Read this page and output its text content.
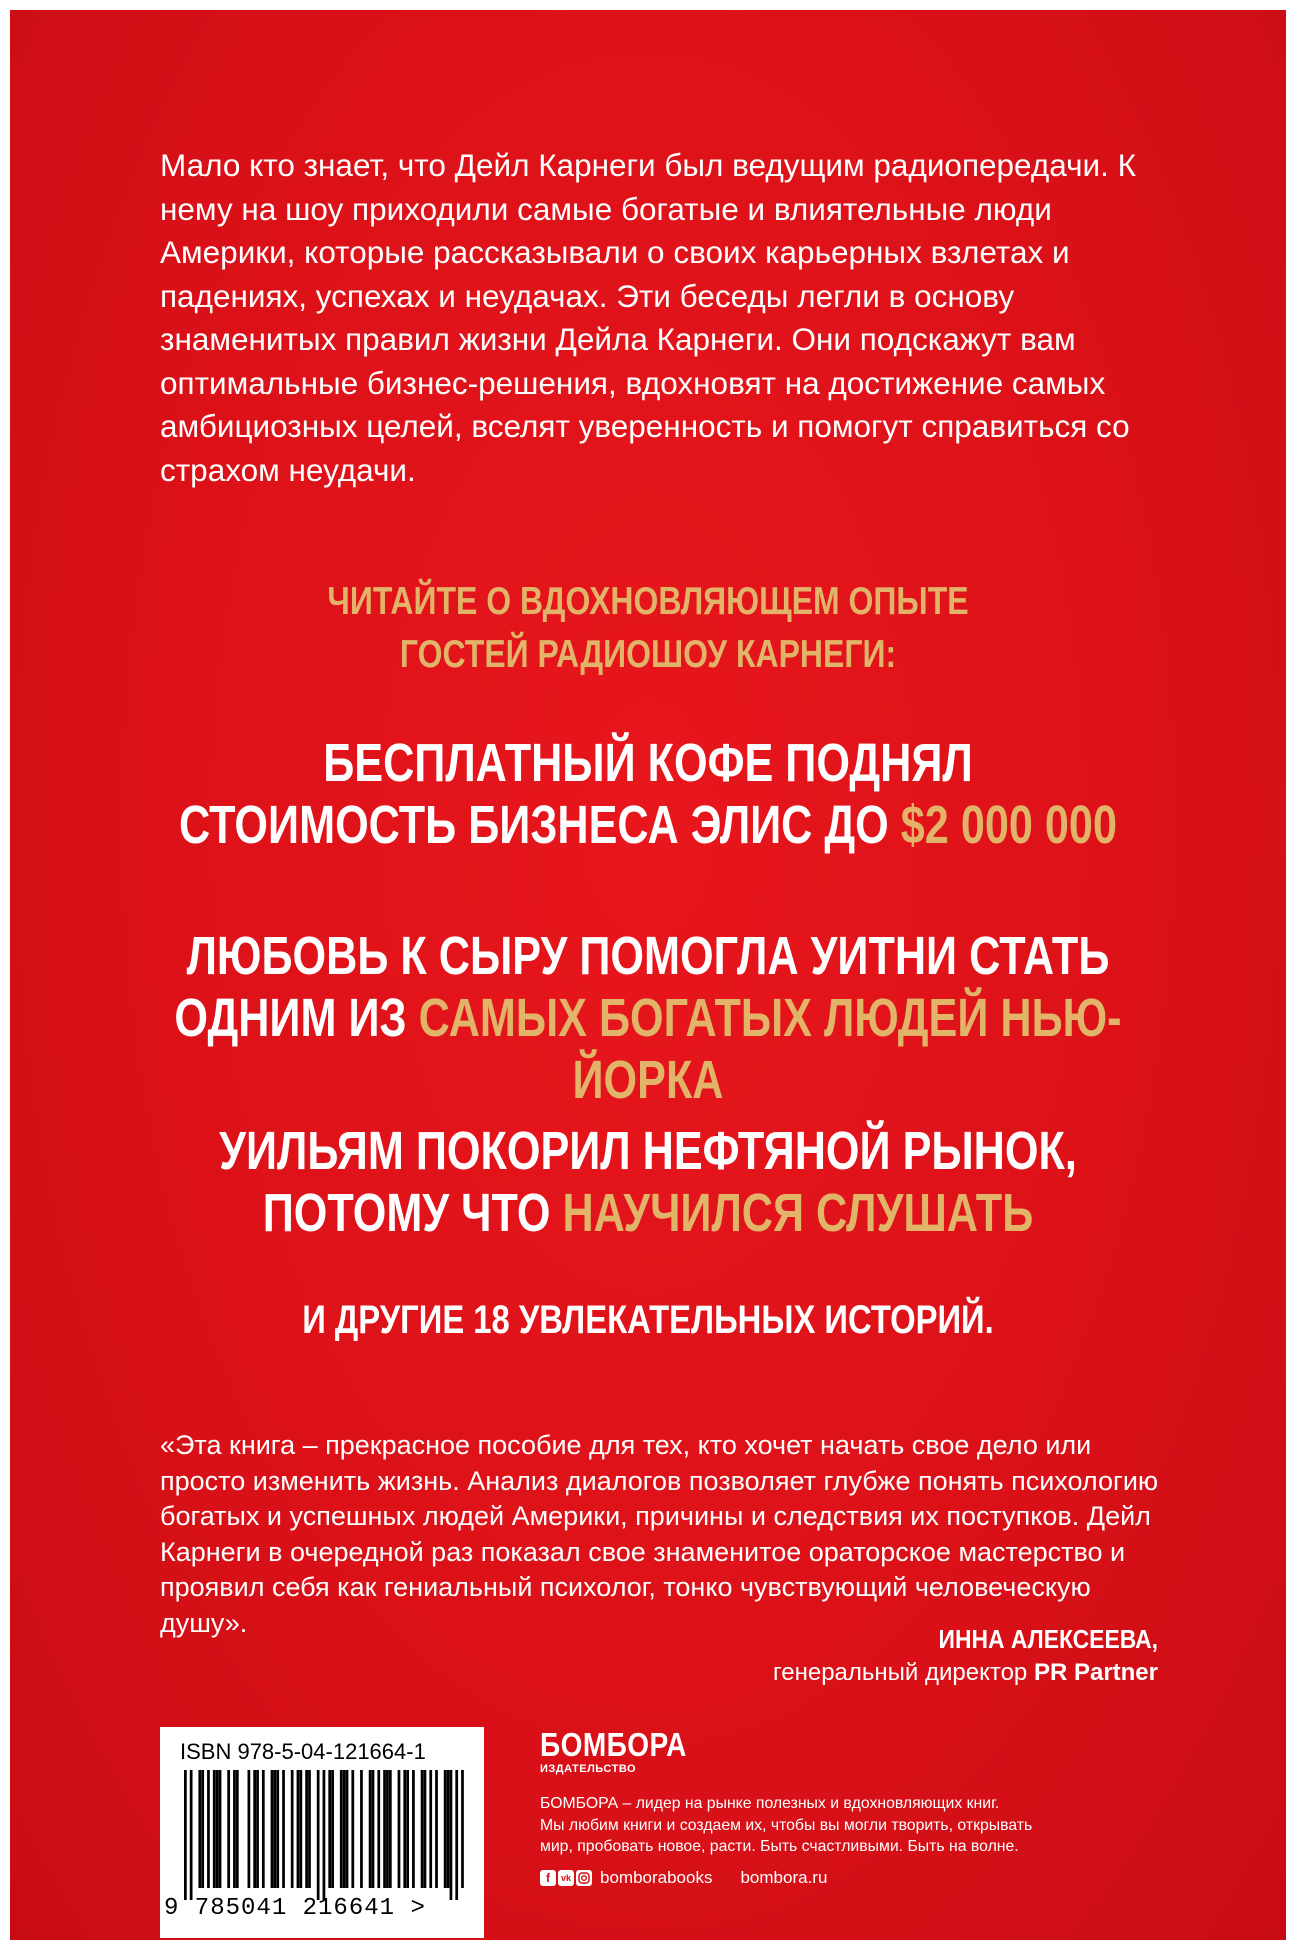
Мало кто знает, что Дейл Карнеги был ведущим радиопередачи. К нему на шоу приходили самые богатые и влиятельные люди Америки, которые рассказывали о своих карьерных взлетах и падениях, успехах и неудачах. Эти беседы легли в основу знаменитых правил жизни Дейла Карнеги. Они подскажут вам оптимальные бизнес-решения, вдохновят на достижение самых амбициозных целей, вселят уверенность и помогут справиться со страхом неудачи.

ЧИТАЙТЕ О ВДОХНОВЛЯЮЩЕМ ОПЫТЕ
ГОСТЕЙ РАДИОШОУ КАРНЕГИ:
БЕСПЛАТНЫЙ КОФЕ ПОДНЯЛ
СТОИМОСТЬ БИЗНЕСА ЭЛИС ДО $2 000 000
ЛЮБОВЬ К СЫРУ ПОМОГЛА УИТНИ СТАТЬ
ОДНИМ ИЗ САМЫХ БОГАТЫХ ЛЮДЕЙ НЬЮ-ЙОРКА
УИЛЬЯМ ПОКОРИЛ НЕФТЯНОЙ РЫНОК,
ПОТОМУ ЧТО НАУЧИЛСЯ СЛУШАТЬ
И ДРУГИЕ 18 УВЛЕКАТЕЛЬНЫХ ИСТОРИЙ.

«Эта книга – прекрасное пособие для тех, кто хочет начать свое дело или просто изменить жизнь. Анализ диалогов позволяет глубже понять психологию богатых и успешных людей Америки, причины и следствия их поступков. Дейл Карнеги в очередной раз показал свое знаменитое ораторское мастерство и проявил себя как гениальный психолог, тонко чувствующий человеческую душу».

ИННА АЛЕКСЕЕВА,
генеральный директор PR Partner
ISBN 978-5-04-121664-1
9 785041 216641 >
БОМБОРА
ИЗДАТЕЛЬСТВО
БОМБОРА – лидер на рынке полезных и вдохновляющих книг.
Мы любим книги и создаем их, чтобы вы могли творить, открывать
мир, пробовать новое, расти. Быть счастливыми. Быть на волне.
f	vk bomborabooks bombora.ru
